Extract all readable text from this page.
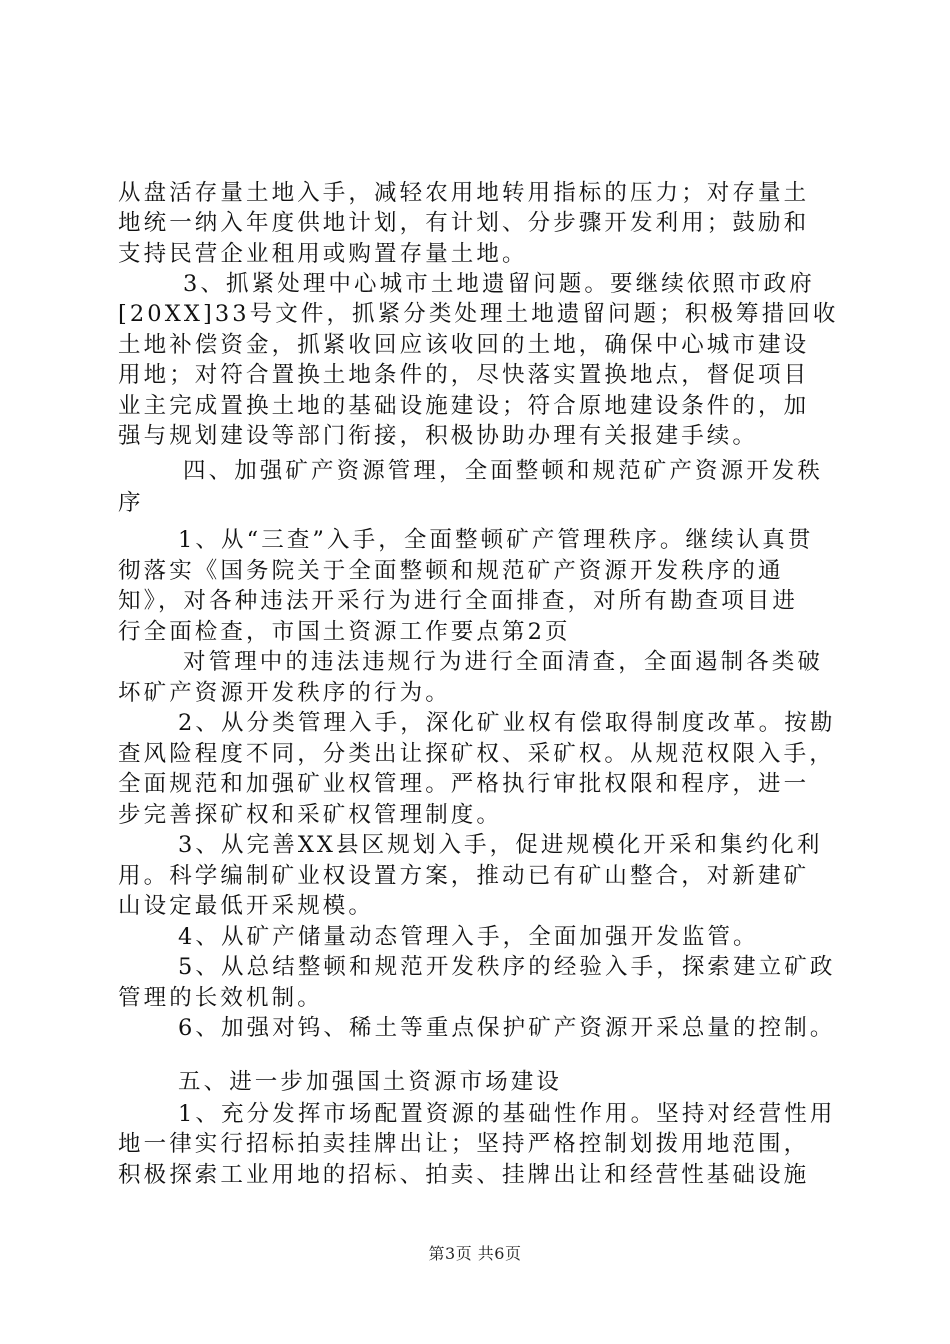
从盘活存量土地入手，减轻农用地转用指标的压力；对存量土
地统一纳入年度供地计划，有计划、分步骤开发利用；鼓励和
支持民营企业租用或购置存量土地。
3、抓紧处理中心城市土地遗留问题。要继续依照市政府
[20XX]33号文件，抓紧分类处理土地遗留问题；积极筹措回收
土地补偿资金，抓紧收回应该收回的土地，确保中心城市建设
用地；对符合置换土地条件的，尽快落实置换地点，督促项目
业主完成置换土地的基础设施建设；符合原地建设条件的，加
强与规划建设等部门衔接，积极协助办理有关报建手续。
四、加强矿产资源管理，全面整顿和规范矿产资源开发秩
序
1、从“三查”入手，全面整顿矿产管理秩序。继续认真贯
彻落实《国务院关于全面整顿和规范矿产资源开发秩序的通
知》，对各种违法开采行为进行全面排查，对所有勘查项目进
行全面检查，市国土资源工作要点第2页
对管理中的违法违规行为进行全面清查，全面遏制各类破
坏矿产资源开发秩序的行为。
2、从分类管理入手，深化矿业权有偿取得制度改革。按勘
查风险程度不同，分类出让探矿权、采矿权。从规范权限入手，
全面规范和加强矿业权管理。严格执行审批权限和程序，进一
步完善探矿权和采矿权管理制度。
3、从完善XX县区规划入手，促进规模化开采和集约化利
用。科学编制矿业权设置方案，推动已有矿山整合，对新建矿
山设定最低开采规模。
4、从矿产储量动态管理入手，全面加强开发监管。
5、从总结整顿和规范开发秩序的经验入手，探索建立矿政
管理的长效机制。
6、加强对钨、稀土等重点保护矿产资源开采总量的控制。
五、进一步加强国土资源市场建设
1、充分发挥市场配置资源的基础性作用。坚持对经营性用
地一律实行招标拍卖挂牌出让；坚持严格控制划拨用地范围，
积极探索工业用地的招标、拍卖、挂牌出让和经营性基础设施
第3页 共6页
